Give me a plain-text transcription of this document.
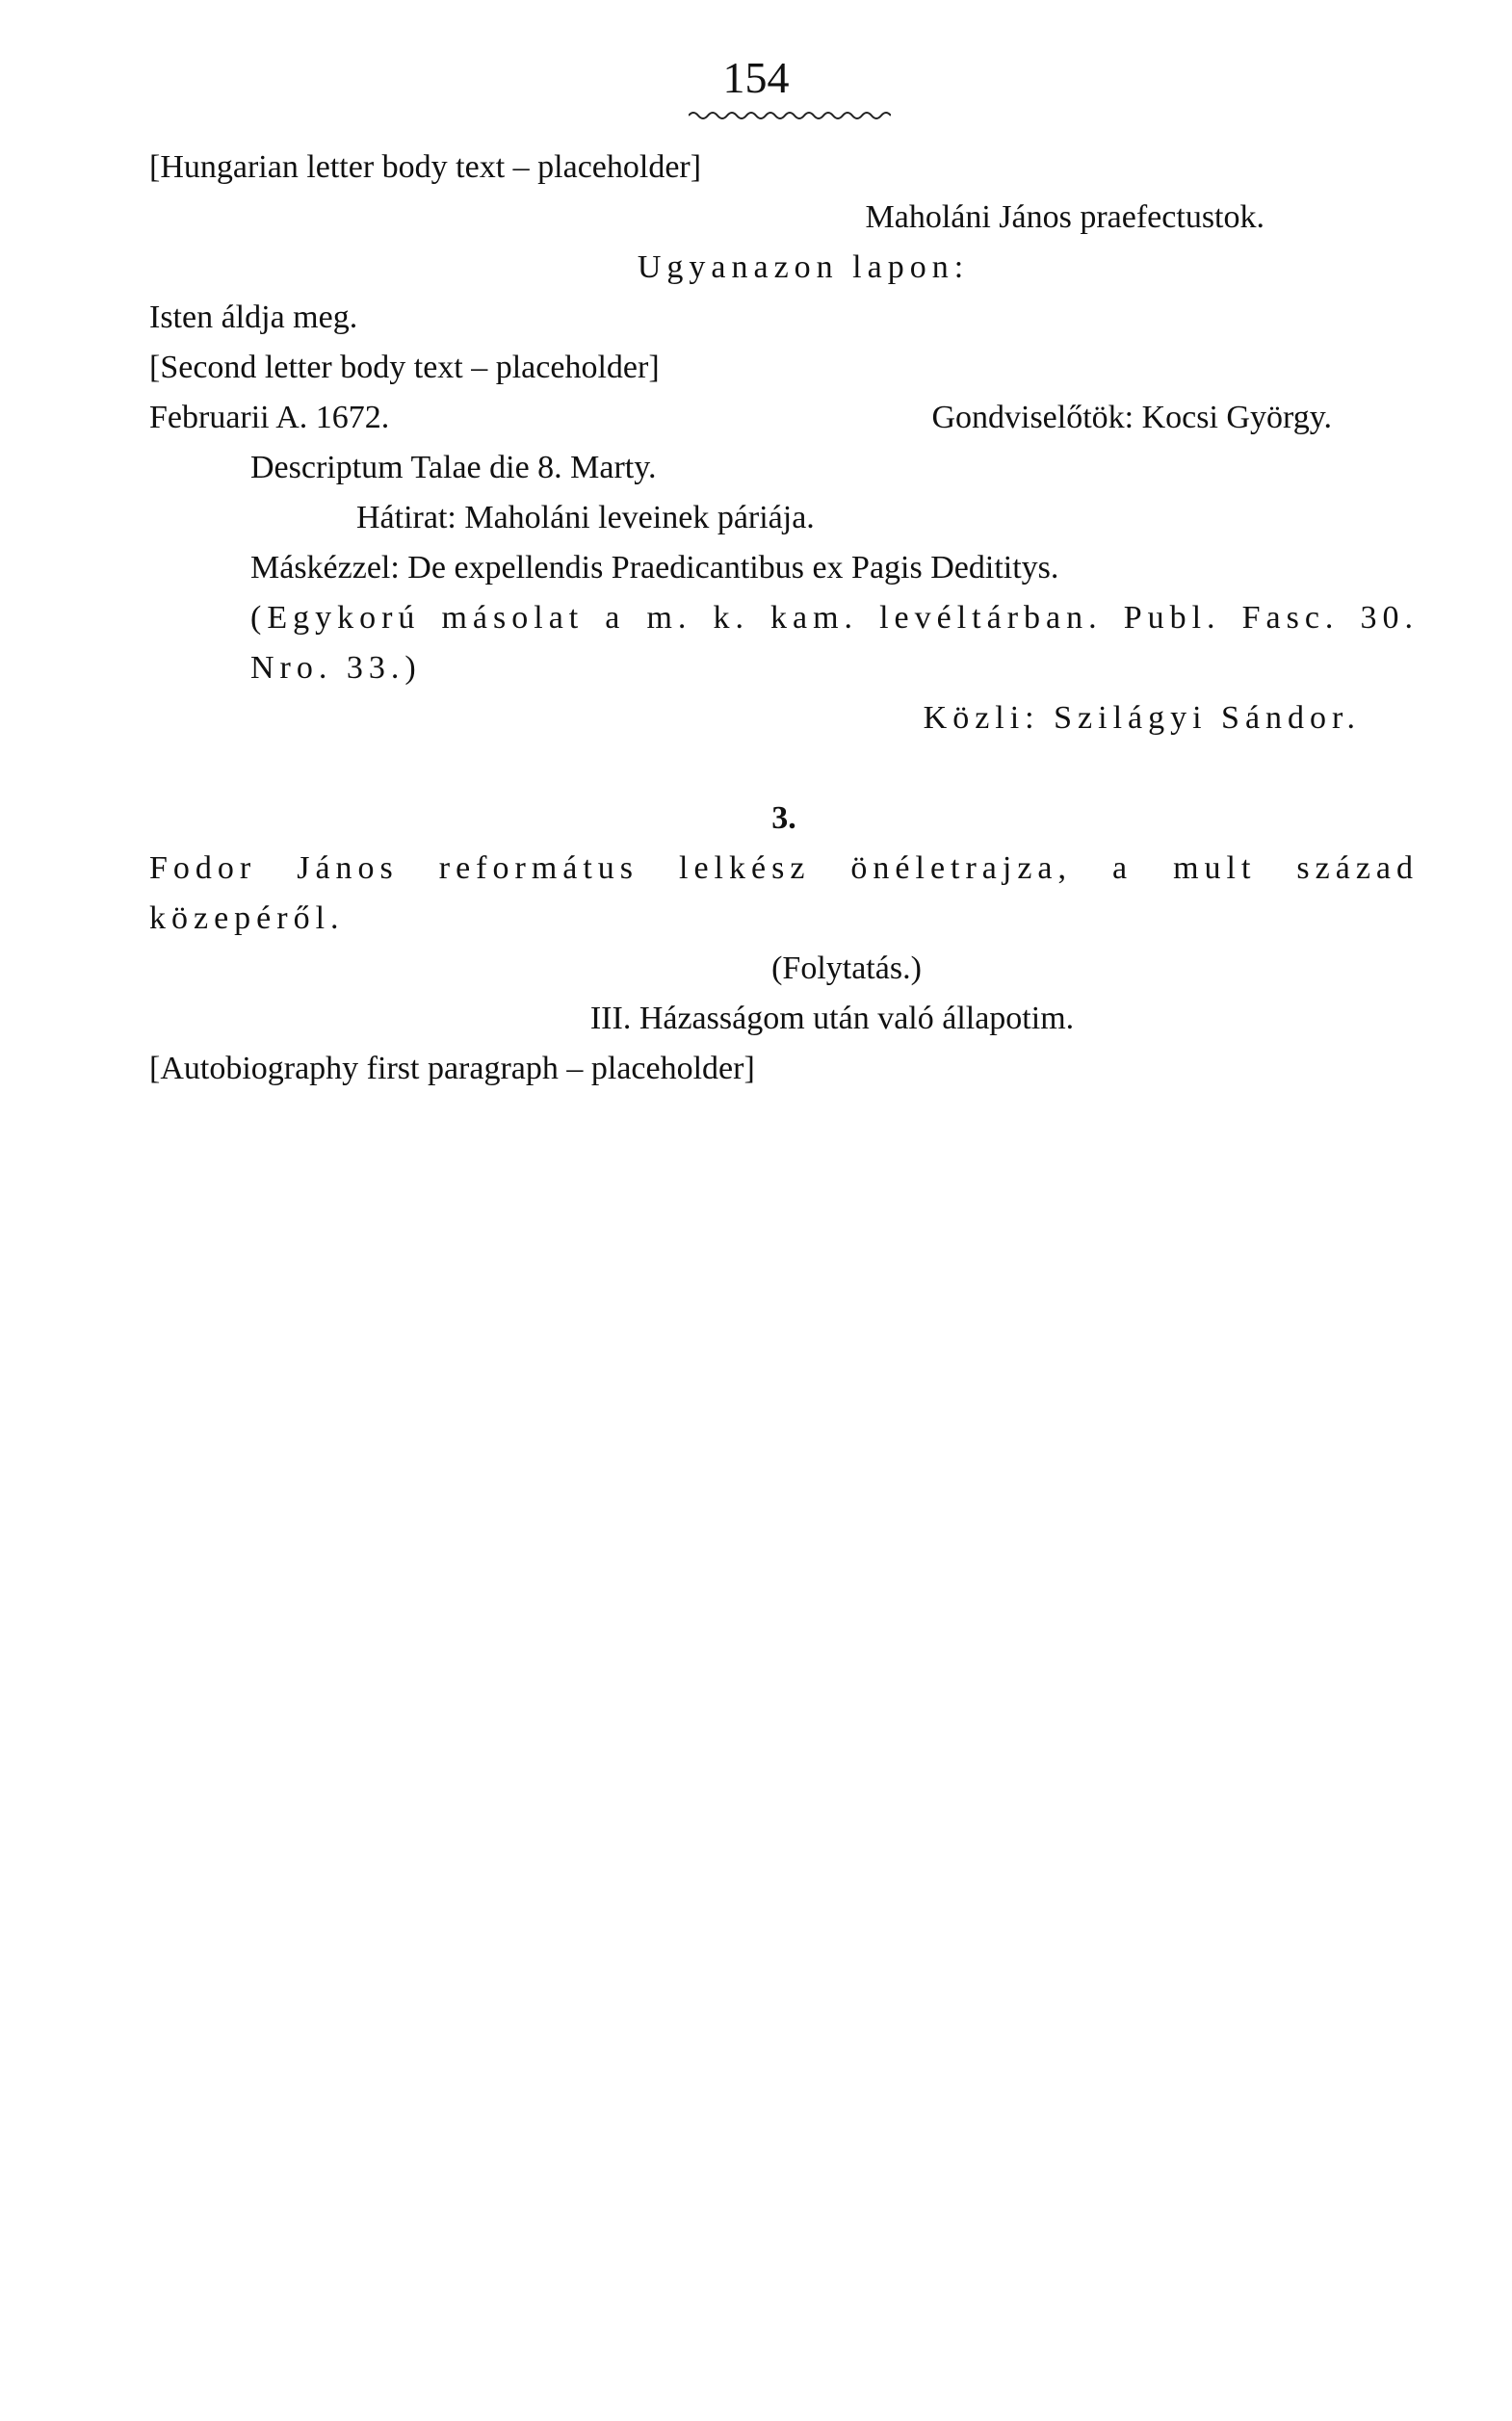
154

[Hungarian letter body text – placeholder]

Maholáni János praefectustok.

Ugyanazon lapon:

Isten áldja meg.

[Second letter body text – placeholder]

Februarii A. 1672.	Gondviselőtök: Kocsi György.

Descriptum Talae die 8. Marty.

Hátirat: Maholáni leveinek páriája.

Máskézzel: De expellendis Praedicantibus ex Pagis Dedititys.

(Egykorú másolat a m. k. kam. levéltárban. Publ. Fasc. 30. Nro. 33.)

Közli: Szilágyi Sándor.

3.

Fodor János református lelkész önéletrajza, a mult század közepéről.

(Folytatás.)

III. Házasságom után való állapotim.

[Autobiography first paragraph – placeholder]
